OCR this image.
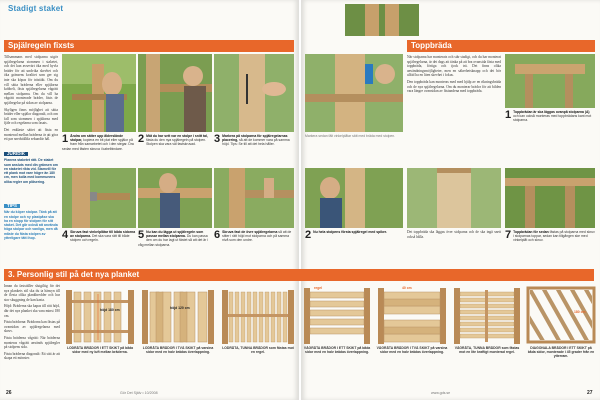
Stadigt staket
Spjälregeln fixsts

Tillsammans med stolparna utgör spjälregelarna stommen i staketet, och det kan avsevärt öka med hyvla bräder för att undvika skevhet och öka gränsens kvalitet som ger sig inte ska köpas för trästäkt. Om du vill sätta bräderna eller spjälorna kobbelt, fästs spjälregelarna vågrätt mellan stolparna. Om du vill ha vågrätt monterade bräder, fästs de spjälregelar på sidan av stolparna.

Skyligen finns möjlighet att sätta bräder eller spjälor diagonalt, och om fall som stommen i spjälorna med fjäle och regelarna som fasats.

Det enklaste sättet att fästa en monterad mellan bräderna är att göra ett par snedställda sekundär hål.

JURIDIK
Planera staketet rätt. De staket som ansluts med din gränsen om en staketet rikta vid. Stamvill för ett plank mot vare högre än 180 cm, men kolla med kommunens olika regler om plåsering.
TIPS
När du köper stolpar. Tänk på att en stolpe och ny plastpåse ska ha en stopp för stolpen för sitt staket. Det går också att använda höga stolpar och vanliga, men då måste du fästa stolpen av ytterligare tätt ihop.
1 Ändra om sätter upp ålderslände stolpar, kopiera en bit plat eller spjälor på fram från samarbetet och i den stegar. Dra sedan med fästen skruva i kabelbindare.
2 Mät du har sett var en stolpe i snitt tal, fästa du den nya spjälregeln på stolpen. Stolpen ska vara väl fastskruvad.	3 Markera på stolparna för spjälregelarnas placering, så att de kommer vara på samma höjd. Tips: Se till att det hela håller.
4 Skruva fast vinkelplåtar till båda sidorna av stolparna. Det ska vara rätt till både stolpen och regeln.	5 Nu kan du lägga ut spjälregeln som passar mellan stolparna. Du kan passa den om du har lagt ut fästet så att det är i våg mellan stolparna.
6 Skruva fast de övre spjälregelarna så att de sitter i rätt höjd mot stolparna och på samma nivå som den undre.
26	Gör Det Själv • 10/2008
Toppbräda
Markera sedan fält vinkelplåtar sätt med bräda med stolpen.

När stolparna har monterats och står stadigt, och du har monterat spjälregelarna, är det dags att tänka på att bra ovansida fästa med toppbräda, förtiga och tjock trä. Det finns olika användningsmöjligheter, men en säkerhetsknapp och det bör alltid ha en liten skevhet i fokus.

Den toppbräda kan monteras med med hjälp av en rikningsbräda och de nya spjälregelarna. Om du monterar brädor för att bilden vara längre ovansidan av fästandena med toppbräda.

1 Toppbrädan är ska läggas ovanpå stolparna (A) och kan också monteras med toppbrädans kant mot stolparna.
2 Nu hela stolpens första spjälregel med spiker.	Det toppbräda ska läggas över stolparna och de ska ingå snett också hålla.	7 Toppbrädan för sedan fästas på stolparna med skruv i stolparnas toppar, sedan kan tillgången ske med vinkelplåt och skruv.
27
www.gds.se
3. Personlig stil på det nya planket

Innan du fastställer slutgiltig för det nya plankets stil ska du ta hänsyn till de flesta olika plankbredder och hur stor skuggning de kan kasta.

Höjd: Bräderna ska kapas till rätt höjd, där det nya planket ska vara minst 180 cm.

Fästa brädorna: Brädorna kan fästas på ovansidan av spjälregelarna med skruv.

Fästa bräderna vågrätt: När bräderna monteras vågrätt används spjälregler på stolpens sida.

Fästa bräderna diagonalt: Ett sätt är att skapa ett mönster.

höjd 180 cm
LODRÄTA BRÄDOR I ETT SKIKT på båda sidor med ny luft mellan bräderna.
höjd 120 cm
LODRÄTA BRÄDOR I TVÅ SKIKT på varsina sidor med en halv brädas överlappning.
LODRÄTA, TUNNA BRÄDOR som fästas mot en regel.
regel
VÅGRÄTA BRÄDOR I ETT SKIKT på båda sidor med en halv brädas överlappning.
40 cm
VÅGRÄTA BRÄDOR I TVÅ SKIKT på varsina sidor med en halv brädas överlappning.
VÅGRÄTA, TUNNA BRÄDOR som fästas mot en lite kraftigt monterad regel.
180 cm
DIAGONALA BRÄDOR I ETT SKIKT på båda sidor, monterade i 45 grader från en ytterram.
